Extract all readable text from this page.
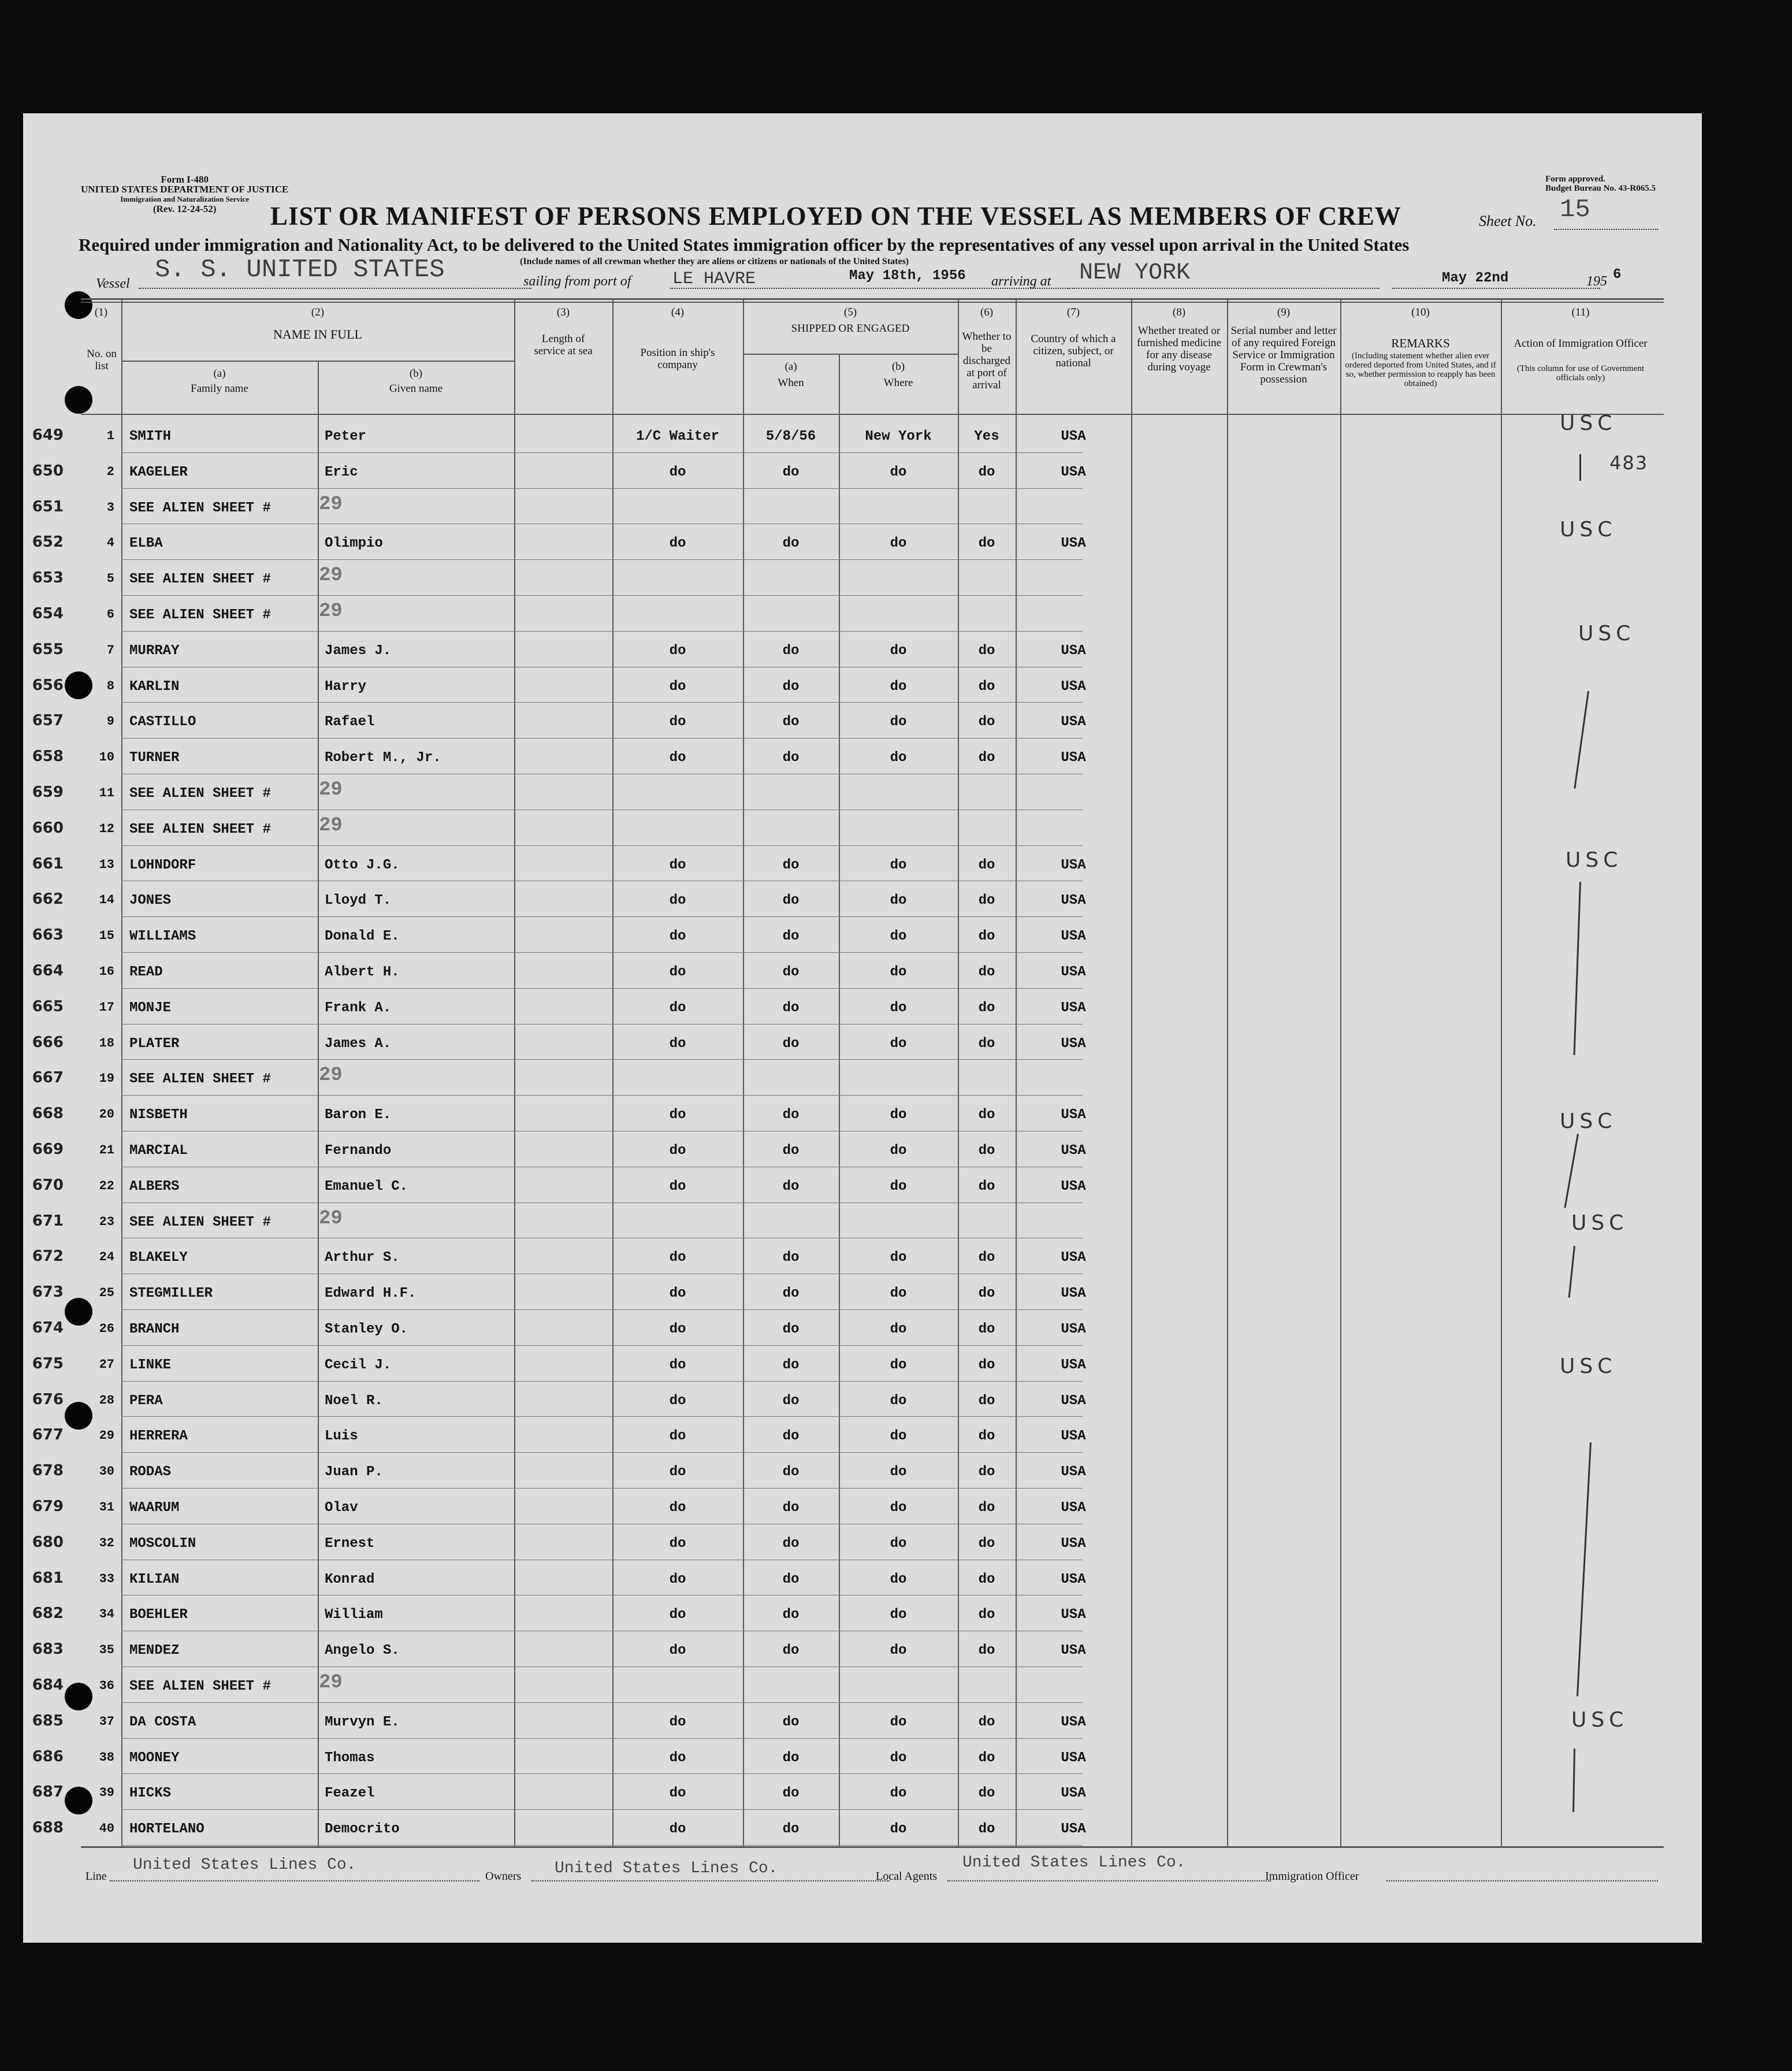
Form I-480
UNITED STATES DEPARTMENT OF JUSTICE
Immigration and Naturalization Service
(Rev. 12-24-52)
Form approved.
Budget Bureau No. 43-R065.5
LIST OR MANIFEST OF PERSONS EMPLOYED ON THE VESSEL AS MEMBERS OF CREW	Sheet No. 15
Required under immigration and Nationality Act, to be delivered to the United States immigration officer by the representatives of any vessel upon arrival in the United States
Vessel S. S. UNITED STATES	(Include names of all crewman whether they are aliens or citizens or nationals of the United States)
sailing from port of LE HAVRE	May 18th, 1956 arriving at NEW YORK	May 22nd	195 6
(1)
No. on list
(2)
NAME IN FULL
(a)
Family name
(b)
Given name
(3)
Length of service at sea
(4)
Position in ship's company
(5)
SHIPPED OR ENGAGED
(a)
When
(b)
Where
(6)
Whether to be discharged at port of arrival
(7)
Country of which a citizen, subject, or national
(8)
Whether treated or furnished medicine for any disease during voyage
(9)
Serial number and letter of any required Foreign Service or Immigration Form in Crewman's possession
(10)
REMARKS
(Including statement whether alien ever ordered deported from United States, and if so, whether permission to reapply has been obtained)
(11)
Action of Immigration Officer
(This column for use of Government officials only)
649	1 SMITH	Peter	1/C Waiter	5/8/56	New York	Yes	USA
650	2 KAGELER	Eric	do	do	do	do	USA
651	3 SEE ALIEN SHEET # 29
652	4 ELBA	Olimpio	do	do	do	do	USA
653	5 SEE ALIEN SHEET # 29
654	6 SEE ALIEN SHEET # 29
655	7 MURRAY	James J.	do	do	do	do	USA
656	8 KARLIN	Harry	do	do	do	do	USA
657	9 CASTILLO	Rafael	do	do	do	do	USA
658	10 TURNER	Robert M., Jr.	do	do	do	do	USA
659	11 SEE ALIEN SHEET # 29
660	12 SEE ALIEN SHEET # 29
661	13 LOHNDORF	Otto J.G.	do	do	do	do	USA
662	14 JONES	Lloyd T.	do	do	do	do	USA
663	15 WILLIAMS	Donald E.	do	do	do	do	USA
664	16 READ	Albert H.	do	do	do	do	USA
665	17 MONJE	Frank A.	do	do	do	do	USA
666	18 PLATER	James A.	do	do	do	do	USA
667	19 SEE ALIEN SHEET # 29
668	20 NISBETH	Baron E.	do	do	do	do	USA
669	21 MARCIAL	Fernando	do	do	do	do	USA
670	22 ALBERS	Emanuel C.	do	do	do	do	USA
671	23 SEE ALIEN SHEET # 29
672	24 BLAKELY	Arthur S.	do	do	do	do	USA
673	25 STEGMILLER	Edward H.F.	do	do	do	do	USA
674	26 BRANCH	Stanley O.	do	do	do	do	USA
675	27 LINKE	Cecil J.	do	do	do	do	USA
676	28 PERA	Noel R.	do	do	do	do	USA
677	29 HERRERA	Luis	do	do	do	do	USA
678	30 RODAS	Juan P.	do	do	do	do	USA
679	31 WAARUM	Olav	do	do	do	do	USA
680	32 MOSCOLIN	Ernest	do	do	do	do	USA
681	33 KILIAN	Konrad	do	do	do	do	USA
682	34 BOEHLER	William	do	do	do	do	USA
683	35 MENDEZ	Angelo S.	do	do	do	do	USA
684	36 SEE ALIEN SHEET # 29
685	37 DA COSTA	Murvyn E.	do	do	do	do	USA
686	38 MOONEY	Thomas	do	do	do	do	USA
687	39 HICKS	Feazel	do	do	do	do	USA
688	40 HORTELANO	Democrito	do	do	do	do	USA
USC
USC
USC
USC
USC
USC
USC
USC
483
Line
United States Lines Co.
Owners United States Lines Co.	Local Agents
United States Lines Co.
Immigration Officer
